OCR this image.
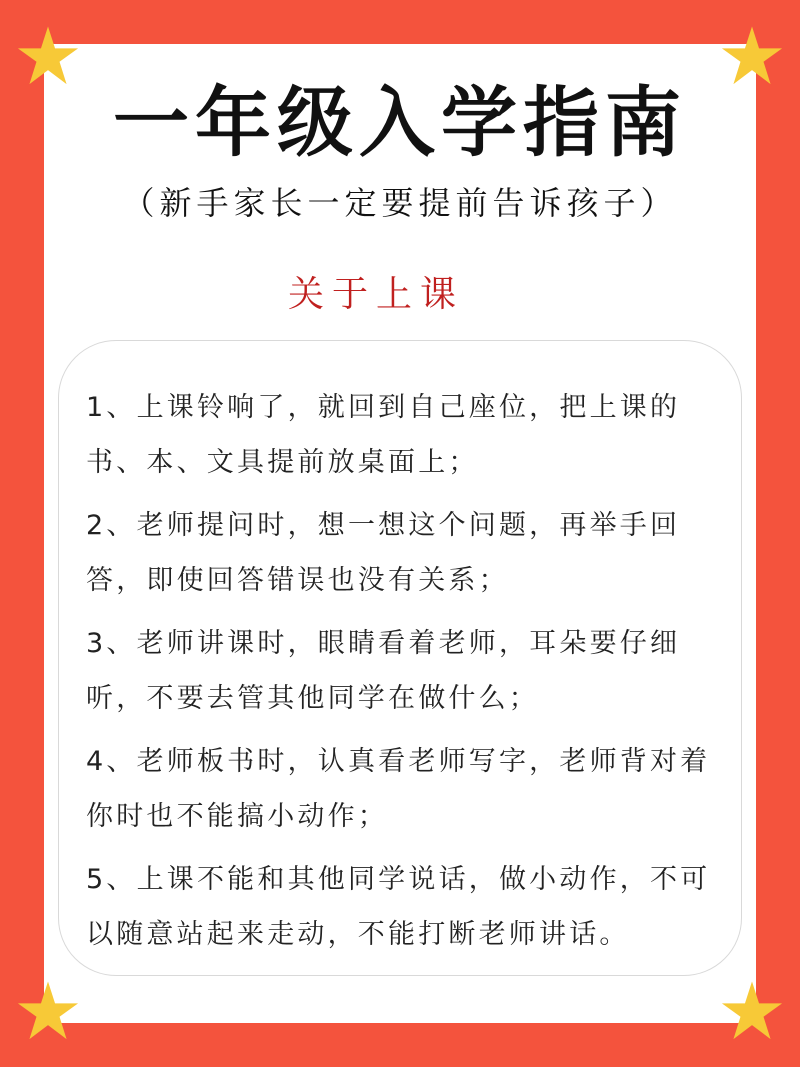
一年级入学指南
（新手家长一定要提前告诉孩子）
关于上课
1、上课铃响了，就回到自己座位，把上课的书、本、文具提前放桌面上；
2、老师提问时，想一想这个问题，再举手回答，即使回答错误也没有关系；
3、老师讲课时，眼睛看着老师，耳朵要仔细听，不要去管其他同学在做什么；
4、老师板书时，认真看老师写字，老师背对着你时也不能搞小动作；
5、上课不能和其他同学说话，做小动作，不可以随意站起来走动，不能打断老师讲话。
